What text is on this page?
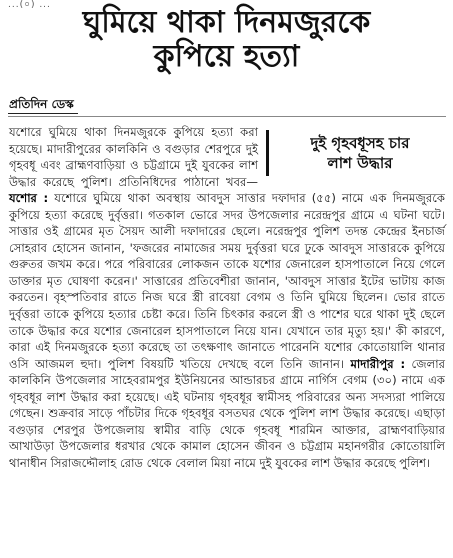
...(০) ...	ঘুমিয়ে থাকা দিনমজুরকে
কুপিয়ে হত্যা
প্রতিদিন ডেস্ক
দুই গৃহবধূসহ চার
লাশ উদ্ধার
যশোরে ঘুমিয়ে থাকা দিনমজুরকে কুপিয়ে হত্যা করা হয়েছে। মাদারীপুরের কালকিনি ও বগুড়ার শেরপুরে দুই গৃহবধূ এবং ব্রাহ্মণবাড়িয়া ও চট্টগ্রামে দুই যুবকের লাশ উদ্ধার করেছে পুলিশ। প্রতিনিধিদের পাঠানো খবর— যশোর : যশোরে ঘুমিয়ে থাকা অবস্থায় আবদুস সাত্তার দফাদার (৫৫) নামে এক দিনমজুরকে কুপিয়ে হত্যা করেছে দুর্বৃত্তরা। গতকাল ভোরে সদর উপজেলার নরেন্দ্রপুর গ্রামে এ ঘটনা ঘটে। সাত্তার ওই গ্রামের মৃত সৈয়দ আলী দফাদারের ছেলে। নরেন্দ্রপুর পুলিশ তদন্ত কেন্দ্রের ইনচার্জ সোহরাব হোসেন জানান, 'ফজরের নামাজের সময় দুর্বৃত্তরা ঘরে ঢুকে আবদুস সাত্তারকে কুপিয়ে গুরুতর জখম করে। পরে পরিবারের লোকজন তাকে যশোর জেনারেল হাসপাতালে নিয়ে গেলে ডাক্তার মৃত ঘোষণা করেন।' সাত্তারের প্রতিবেশীরা জানান, 'আবদুস সাত্তার ইটের ভাটায় কাজ করতেন। বৃহস্পতিবার রাতে নিজ ঘরে স্ত্রী রাবেয়া বেগম ও তিনি ঘুমিয়ে ছিলেন। ভোর রাতে দুর্বৃত্তরা তাকে কুপিয়ে হত্যার চেষ্টা করে। তিনি চিৎকার করলে স্ত্রী ও পাশের ঘরে থাকা দুই ছেলে তাকে উদ্ধার করে যশোর জেনারেল হাসপাতালে নিয়ে যান। যেখানে তার মৃত্যু হয়।' কী কারণে, কারা এই দিনমজুরকে হত্যা করেছে তা তৎক্ষণাৎ জানাতে পারেননি যশোর কোতোয়ালি থানার ওসি আজমল হুদা। পুলিশ বিষয়টি খতিয়ে দেখছে বলে তিনি জানান। মাদারীপুর : জেলার কালকিনি উপজেলার সাহেবরামপুর ইউনিয়নের আন্ডারচর গ্রামে নার্গিস বেগম (৩০) নামে এক গৃহবধূর লাশ উদ্ধার করা হয়েছে। এই ঘটনায় গৃহবধূর স্বামীসহ পরিবারের অন্য সদস্যরা পালিয়ে গেছেন। শুক্রবার সাড়ে পাঁচটার দিকে গৃহবধূর বসতঘর থেকে পুলিশ লাশ উদ্ধার করেছে। এছাড়া বগুড়ার শেরপুর উপজেলায় স্বামীর বাড়ি থেকে গৃহবধূ শারমিন আক্তার, ব্রাহ্মণবাড়িয়ার আখাউড়া উপজেলার ধরখার থেকে কামাল হোসেন জীবন ও চট্টগ্রাম মহানগরীর কোতোয়ালি থানাধীন সিরাজদ্দৌলাহ রোড থেকে বেলাল মিয়া নামে দুই যুবকের লাশ উদ্ধার করেছে পুলিশ।
